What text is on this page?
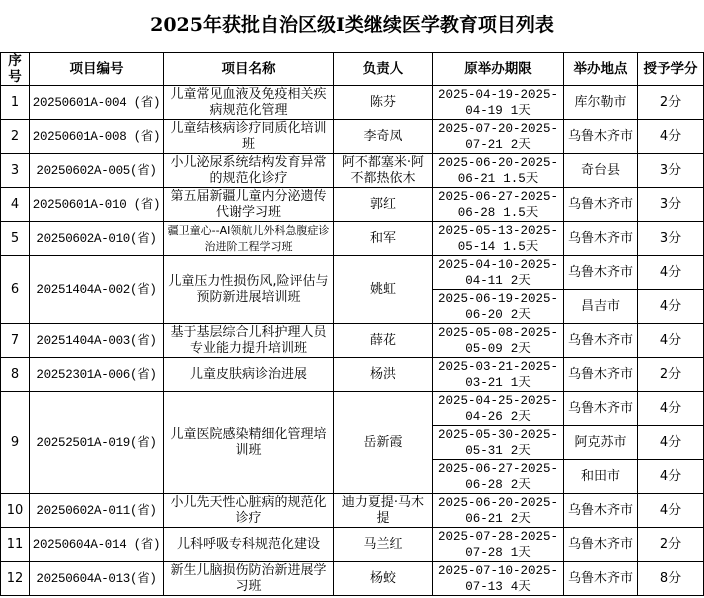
2025年获批自治区级I类继续医学教育项目列表
序号	项目编号	项目名称	负责人	原举办期限	举办地点	授予学分
1	20250601A-004 (省)	儿童常见血液及免疫相关疾病规范化管理	陈芬	2025-04-19-2025-04-19 1天	库尔勒市	2分
2	20250601A-008 (省)	儿童结核病诊疗同质化培训班	李奇凤	2025-07-20-2025-07-21 2天	乌鲁木齐市	4分
3	20250602A-005(省)	小儿泌尿系统结构发育异常的规范化诊疗	阿不都塞米·阿不都热依木	2025-06-20-2025-06-21 1.5天	奇台县	3分
4	20250601A-010 (省)	第五届新疆儿童内分泌遗传代谢学习班	郭红	2025-06-27-2025-06-28 1.5天	乌鲁木齐市	3分
5	20250602A-010(省)	疆卫童心--AI领航儿外科急腹症诊治进阶工程学习班	和军	2025-05-13-2025-05-14 1.5天	乌鲁木齐市	3分
6	20251404A-002(省)	儿童压力性损伤风,险评估与预防新进展培训班	姚虹	2025-04-10-2025-04-11 2天	乌鲁木齐市	4分
				2025-06-19-2025-06-20 2天	昌吉市	4分
7	20251404A-003(省)	基于基层综合儿科护理人员专业能力提升培训班	薛花	2025-05-08-2025-05-09 2天	乌鲁木齐市	4分
8	20252301A-006(省)	儿童皮肤病诊治进展	杨洪	2025-03-21-2025-03-21 1天	乌鲁木齐市	2分
9	20252501A-019(省)	儿童医院感染精细化管理培训班	岳新霞	2025-04-25-2025-04-26 2天	乌鲁木齐市	4分
				2025-05-30-2025-05-31 2天	阿克苏市	4分
				2025-06-27-2025-06-28 2天	和田市	4分
10	20250602A-011(省)	小儿先天性心脏病的规范化诊疗	迪力夏提·马木提	2025-06-20-2025-06-21 2天	乌鲁木齐市	4分
11	20250604A-014 (省)	儿科呼吸专科规范化建设	马兰红	2025-07-28-2025-07-28 1天	乌鲁木齐市	2分
12	20250604A-013(省)	新生儿脑损伤防治新进展学习班	杨蛟	2025-07-10-2025-07-13 4天	乌鲁木齐市	8分
